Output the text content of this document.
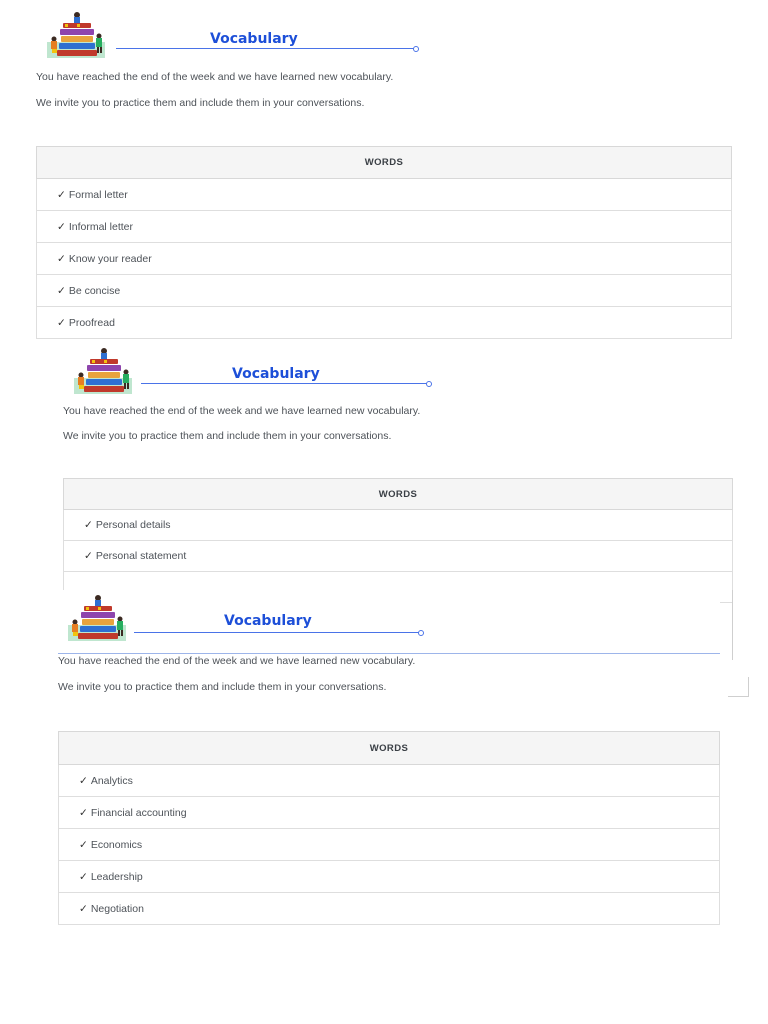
Vocabulary
You have reached the end of the week and we have learned new vocabulary.
We invite you to practice them and include them in your conversations.
WORDS
✓ Formal letter
✓ Informal letter
✓ Know your reader
✓ Be concise
✓ Proofread
Vocabulary
You have reached the end of the week and we have learned new vocabulary.
We invite you to practice them and include them in your conversations.
WORDS
✓ Personal details
✓ Personal statement

Vocabulary
You have reached the end of the week and we have learned new vocabulary.
We invite you to practice them and include them in your conversations.
WORDS
✓ Analytics
✓ Financial accounting
✓ Economics
✓ Leadership
✓ Negotiation
